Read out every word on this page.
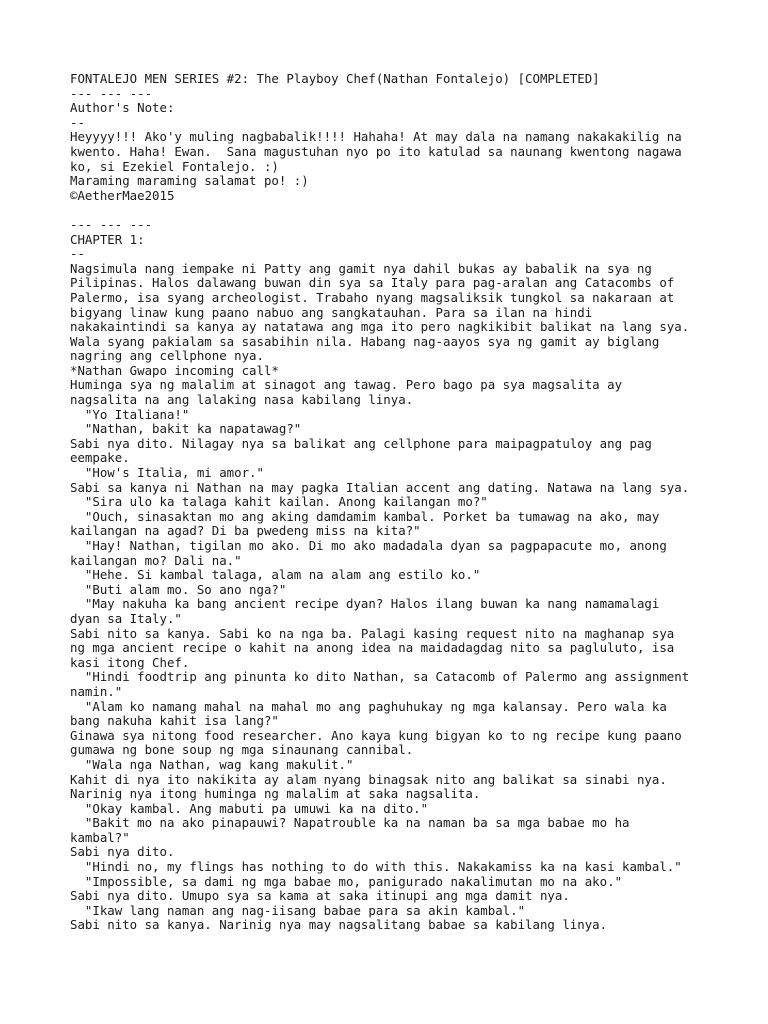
FONTALEJO MEN SERIES #2: The Playboy Chef(Nathan Fontalejo) [COMPLETED]
--- --- ---
Author's Note:
--
Heyyyy!!! Ako'y muling nagbabalik!!!! Hahaha! At may dala na namang nakakakilig na
kwento. Haha! Ewan.  Sana magustuhan nyo po ito katulad sa naunang kwentong nagawa
ko, si Ezekiel Fontalejo. :)
Maraming maraming salamat po! :)
©AetherMae2015
--- --- ---
CHAPTER 1:
--
Nagsimula nang iempake ni Patty ang gamit nya dahil bukas ay babalik na sya ng
Pilipinas. Halos dalawang buwan din sya sa Italy para pag-aralan ang Catacombs of
Palermo, isa syang archeologist. Trabaho nyang magsaliksik tungkol sa nakaraan at
bigyang linaw kung paano nabuo ang sangkatauhan. Para sa ilan na hindi
nakakaintindi sa kanya ay natatawa ang mga ito pero nagkikibit balikat na lang sya.
Wala syang pakialam sa sasabihin nila. Habang nag-aayos sya ng gamit ay biglang
nagring ang cellphone nya.
*Nathan Gwapo incoming call*
Huminga sya ng malalim at sinagot ang tawag. Pero bago pa sya magsalita ay
nagsalita na ang lalaking nasa kabilang linya.
"Yo Italiana!"
"Nathan, bakit ka napatawag?"
Sabi nya dito. Nilagay nya sa balikat ang cellphone para maipagpatuloy ang pag
eempake.
"How's Italia, mi amor."
Sabi sa kanya ni Nathan na may pagka Italian accent ang dating. Natawa na lang sya.
"Sira ulo ka talaga kahit kailan. Anong kailangan mo?"
"Ouch, sinasaktan mo ang aking damdamim kambal. Porket ba tumawag na ako, may
kailangan na agad? Di ba pwedeng miss na kita?"
"Hay! Nathan, tigilan mo ako. Di mo ako madadala dyan sa pagpapacute mo, anong
kailangan mo? Dali na."
"Hehe. Si kambal talaga, alam na alam ang estilo ko."
"Buti alam mo. So ano nga?"
"May nakuha ka bang ancient recipe dyan? Halos ilang buwan ka nang namamalagi
dyan sa Italy."
Sabi nito sa kanya. Sabi ko na nga ba. Palagi kasing request nito na maghanap sya
ng mga ancient recipe o kahit na anong idea na maidadagdag nito sa pagluluto, isa
kasi itong Chef.
"Hindi foodtrip ang pinunta ko dito Nathan, sa Catacomb of Palermo ang assignment
namin."
"Alam ko namang mahal na mahal mo ang paghuhukay ng mga kalansay. Pero wala ka
bang nakuha kahit isa lang?"
Ginawa sya nitong food researcher. Ano kaya kung bigyan ko to ng recipe kung paano
gumawa ng bone soup ng mga sinaunang cannibal.
"Wala nga Nathan, wag kang makulit."
Kahit di nya ito nakikita ay alam nyang binagsak nito ang balikat sa sinabi nya.
Narinig nya itong huminga ng malalim at saka nagsalita.
"Okay kambal. Ang mabuti pa umuwi ka na dito."
"Bakit mo na ako pinapauwi? Napatrouble ka na naman ba sa mga babae mo ha
kambal?"
Sabi nya dito.
"Hindi no, my flings has nothing to do with this. Nakakamiss ka na kasi kambal."
"Impossible, sa dami ng mga babae mo, panigurado nakalimutan mo na ako."
Sabi nya dito. Umupo sya sa kama at saka itinupi ang mga damit nya.
"Ikaw lang naman ang nag-iisang babae para sa akin kambal."
Sabi nito sa kanya. Narinig nya may nagsalitang babae sa kabilang linya.
